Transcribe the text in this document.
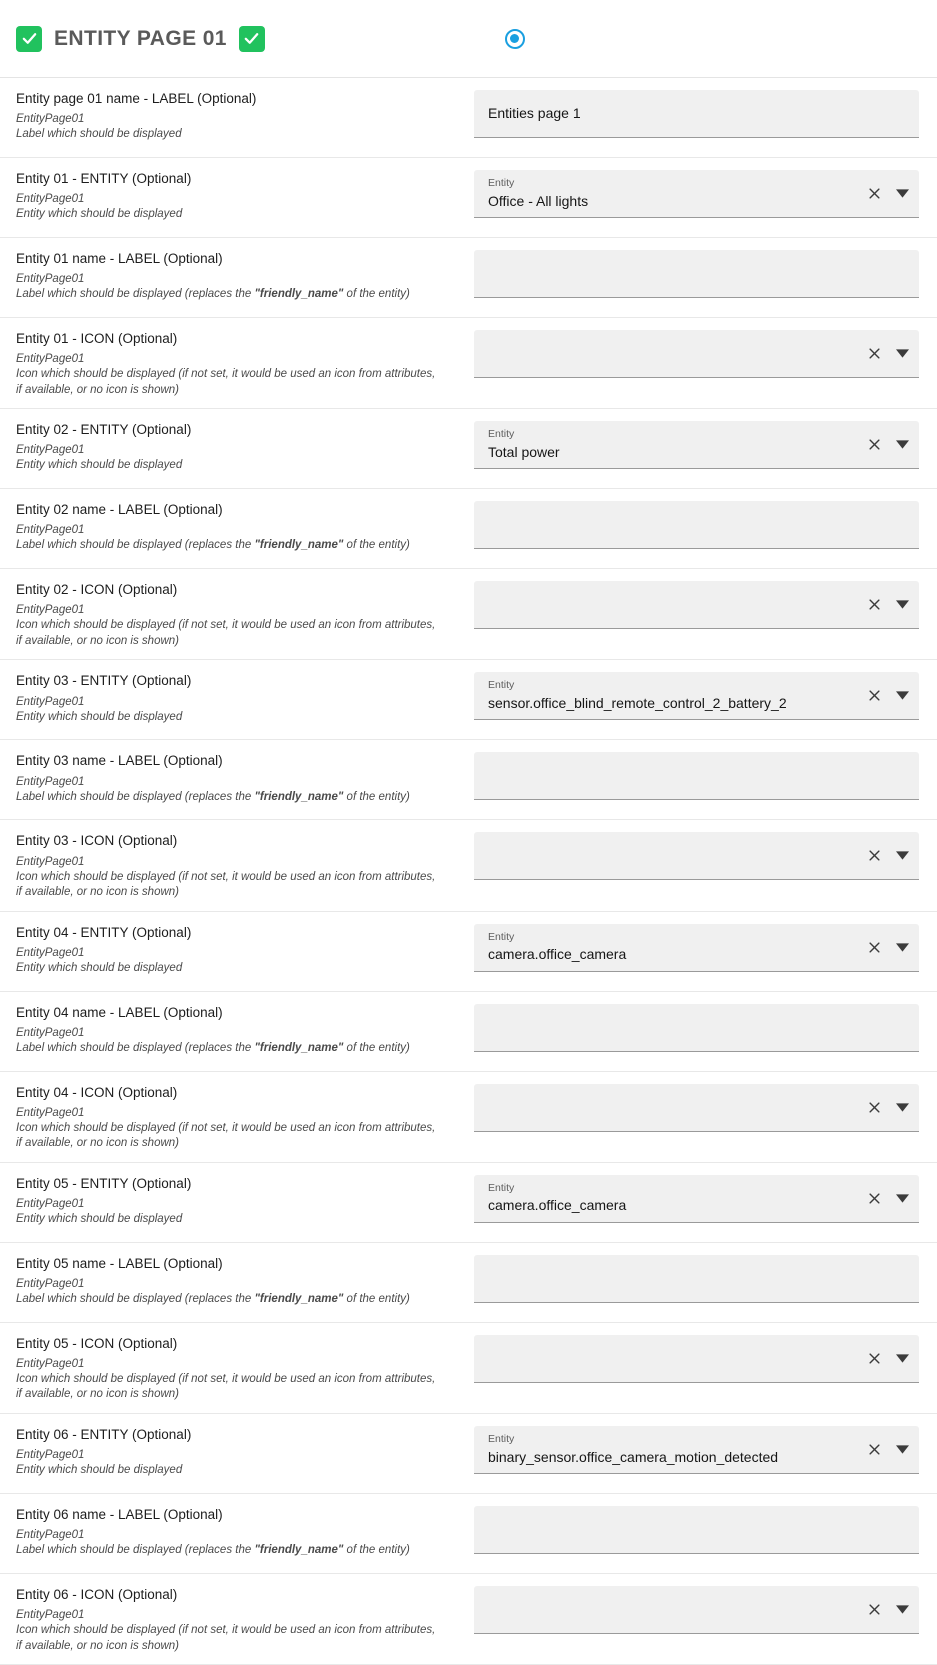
ENTITY PAGE 01
Entity page 01 name - LABEL (Optional)
EntityPage01
Label which should be displayed
Entities page 1
Entity 01 - ENTITY (Optional)
EntityPage01
Entity which should be displayed
Entity
Office - All lights
Entity 01 name - LABEL (Optional)
EntityPage01
Label which should be displayed (replaces the "friendly_name" of the entity)
Entity 01 - ICON (Optional)
EntityPage01
Icon which should be displayed (if not set, it would be used an icon from attributes, if available, or no icon is shown)
Entity 02 - ENTITY (Optional)
EntityPage01
Entity which should be displayed
Entity
Total power
Entity 02 name - LABEL (Optional)
EntityPage01
Label which should be displayed (replaces the "friendly_name" of the entity)
Entity 02 - ICON (Optional)
EntityPage01
Icon which should be displayed (if not set, it would be used an icon from attributes, if available, or no icon is shown)
Entity 03 - ENTITY (Optional)
EntityPage01
Entity which should be displayed
Entity
sensor.office_blind_remote_control_2_battery_2
Entity 03 name - LABEL (Optional)
EntityPage01
Label which should be displayed (replaces the "friendly_name" of the entity)
Entity 03 - ICON (Optional)
EntityPage01
Icon which should be displayed (if not set, it would be used an icon from attributes, if available, or no icon is shown)
Entity 04 - ENTITY (Optional)
EntityPage01
Entity which should be displayed
Entity
camera.office_camera
Entity 04 name - LABEL (Optional)
EntityPage01
Label which should be displayed (replaces the "friendly_name" of the entity)
Entity 04 - ICON (Optional)
EntityPage01
Icon which should be displayed (if not set, it would be used an icon from attributes, if available, or no icon is shown)
Entity 05 - ENTITY (Optional)
EntityPage01
Entity which should be displayed
Entity
camera.office_camera
Entity 05 name - LABEL (Optional)
EntityPage01
Label which should be displayed (replaces the "friendly_name" of the entity)
Entity 05 - ICON (Optional)
EntityPage01
Icon which should be displayed (if not set, it would be used an icon from attributes, if available, or no icon is shown)
Entity 06 - ENTITY (Optional)
EntityPage01
Entity which should be displayed
Entity
binary_sensor.office_camera_motion_detected
Entity 06 name - LABEL (Optional)
EntityPage01
Label which should be displayed (replaces the "friendly_name" of the entity)
Entity 06 - ICON (Optional)
EntityPage01
Icon which should be displayed (if not set, it would be used an icon from attributes, if available, or no icon is shown)
